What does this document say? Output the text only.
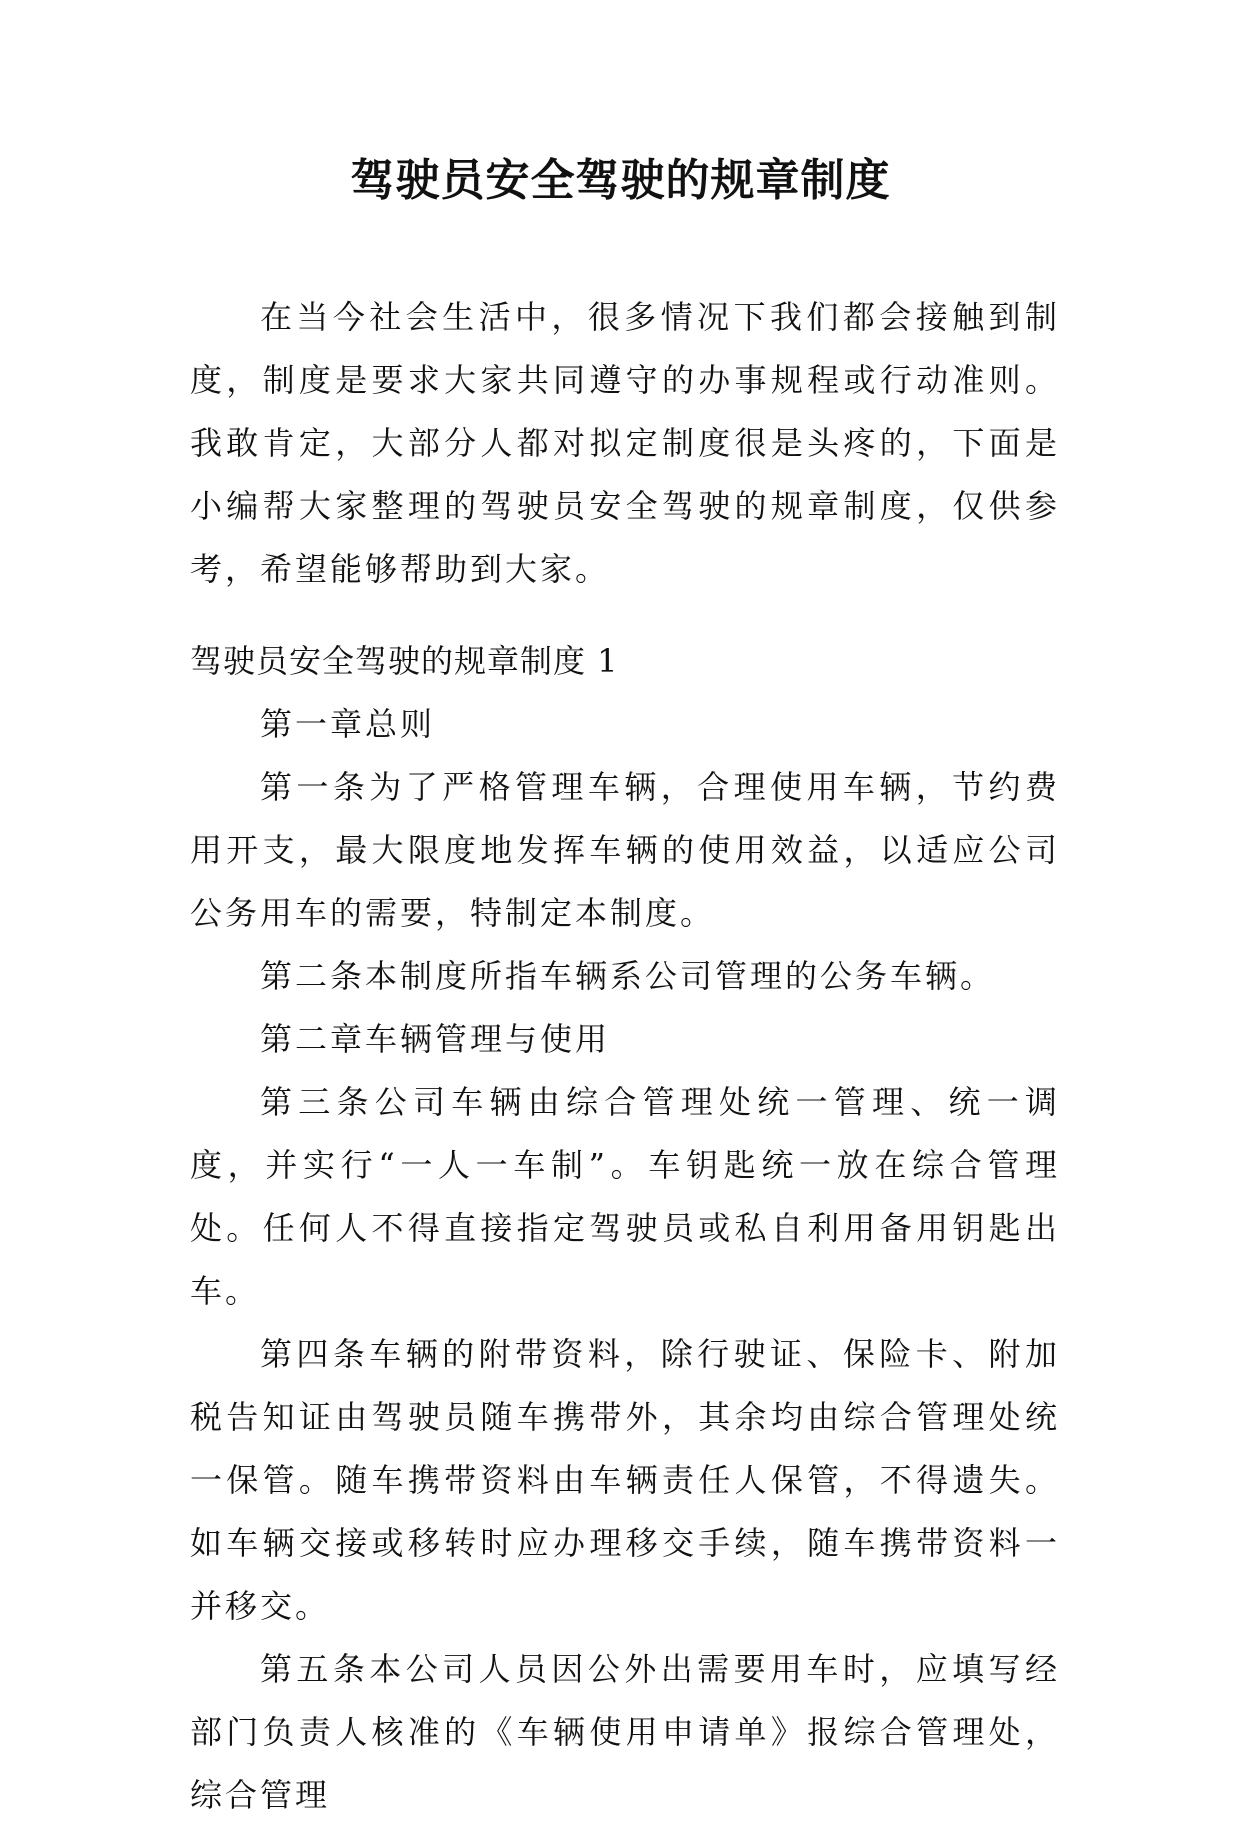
驾驶员安全驾驶的规章制度

在当今社会生活中，很多情况下我们都会接触到制度，制度是要求大家共同遵守的办事规程或行动准则。我敢肯定，大部分人都对拟定制度很是头疼的，下面是小编帮大家整理的驾驶员安全驾驶的规章制度，仅供参考，希望能够帮助到大家。

驾驶员安全驾驶的规章制度 1

第一章总则

第一条为了严格管理车辆，合理使用车辆，节约费用开支，最大限度地发挥车辆的使用效益，以适应公司公务用车的需要，特制定本制度。

第二条本制度所指车辆系公司管理的公务车辆。

第二章车辆管理与使用

第三条公司车辆由综合管理处统一管理、统一调度，并实行“一人一车制”。车钥匙统一放在综合管理处。任何人不得直接指定驾驶员或私自利用备用钥匙出车。

第四条车辆的附带资料，除行驶证、保险卡、附加税告知证由驾驶员随车携带外，其余均由综合管理处统一保管。随车携带资料由车辆责任人保管，不得遗失。如车辆交接或移转时应办理移交手续，随车携带资料一并移交。

第五条本公司人员因公外出需要用车时，应填写经部门负责人核准的《车辆使用申请单》报综合管理处，综合管理
